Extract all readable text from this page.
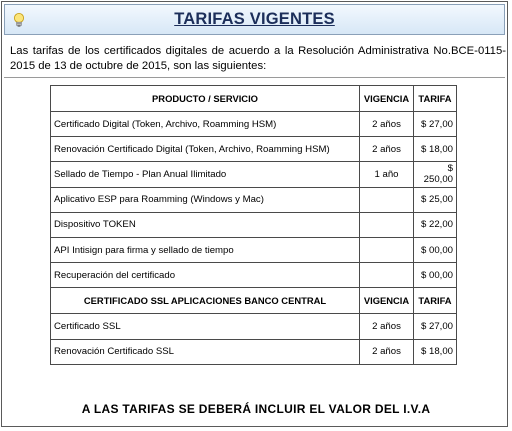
TARIFAS VIGENTES
Las tarifas de los certificados digitales de acuerdo a la Resolución Administrativa No.BCE-0115-2015 de 13 de octubre de 2015, son las siguientes:
PRODUCTO / SERVICIO	VIGENCIA	TARIFA
Certificado Digital (Token, Archivo, Roamming HSM)	2 años	$ 27,00
Renovación Certificado Digital (Token, Archivo, Roamming HSM)	2 años	$ 18,00
Sellado de Tiempo - Plan Anual Ilimitado	1 año	$ 250,00
Aplicativo ESP para Roamming (Windows y Mac)		$ 25,00
Dispositivo TOKEN		$ 22,00
API Intisign para firma y sellado de tiempo		$ 00,00
Recuperación del certificado		$ 00,00
CERTIFICADO SSL APLICACIONES BANCO CENTRAL	VIGENCIA	TARIFA
Certificado SSL	2 años	$ 27,00
Renovación Certificado SSL	2 años	$ 18,00
A LAS TARIFAS SE DEBERÁ INCLUIR EL VALOR DEL I.V.A
